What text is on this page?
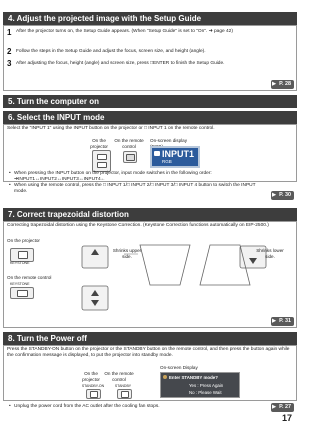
4. Adjust the projected image with the Setup Guide
1 After the projector turns on, the Setup Guide appears. (When "Setup Guide" is set to "On". ➜ page 42)
2 Follow the steps in the Setup Guide and adjust the focus, screen size, and height (angle).
3 After adjusting the focus, height (angle) and screen size, press □ENTER to finish the Setup Guide.
▶ P. 28
5. Turn the computer on
6. Select the INPUT mode
Select the "INPUT 1" using the INPUT button on the projector or □ INPUT 1 on the remote control.
On the projector
On the remote control
On-screen display
INPUT1
RGB
• When pressing the INPUT button on the projector, input mode switches in the following order: ➔INPUT1↔INPUT2↔INPUT3↔INPUT4←
• When using the remote control, press the □ INPUT 1/□ INPUT 2/□ INPUT 3/□ INPUT 4 button to switch the INPUT mode.
▶ P. 30
7. Correct trapezoidal distortion
Correcting trapezoidal distortion using the Keystone Correction. (Keystone Correction functions automatically on EIP-2500.)
On the projector
KEYSTONE
On the remote control
KEYSTONE
Shrinks upper side.
Shrinks lower side.
▶ P. 31
8. Turn the Power off
Press the STANDBY-ON button on the projector or the STANDBY button on the remote control, and then press the button again while the confirmation message is displayed, to put the projector into standby mode.
On the projector
On the remote control
STANDBY-ON	STANDBY
On-screen Display
Enter STANDBY mode?
Yes : Press Again
No : Please Wait
• Unplug the power cord from the AC outlet after the cooling fan stops.
▶	P. 27
17
